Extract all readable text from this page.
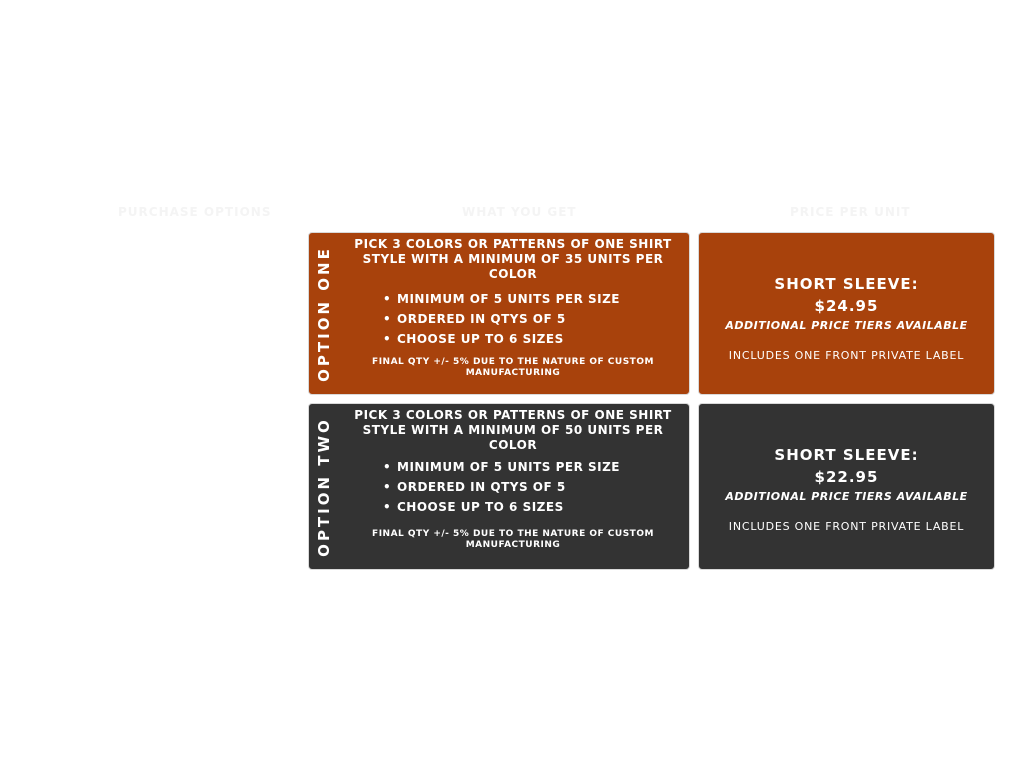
PURCHASE OPTIONS	WHAT YOU GET	PRICE PER UNIT
OPTION ONE
PICK 3 COLORS OR PATTERNS OF ONE SHIRT STYLE WITH A MINIMUM OF 35 UNITS PER COLOR
• MINIMUM OF 5 UNITS PER SIZE
• ORDERED IN QTYS OF 5
• CHOOSE UP TO 6 SIZES
FINAL QTY +/- 5% DUE TO THE NATURE OF CUSTOM MANUFACTURING
SHORT SLEEVE:
$24.95
ADDITIONAL PRICE TIERS AVAILABLE
INCLUDES ONE FRONT PRIVATE LABEL
OPTION TWO
PICK 3 COLORS OR PATTERNS OF ONE SHIRT STYLE WITH A MINIMUM OF 50 UNITS PER COLOR
• MINIMUM OF 5 UNITS PER SIZE
• ORDERED IN QTYS OF 5
• CHOOSE UP TO 6 SIZES
FINAL QTY +/- 5% DUE TO THE NATURE OF CUSTOM MANUFACTURING
SHORT SLEEVE:
$22.95
ADDITIONAL PRICE TIERS AVAILABLE
INCLUDES ONE FRONT PRIVATE LABEL
